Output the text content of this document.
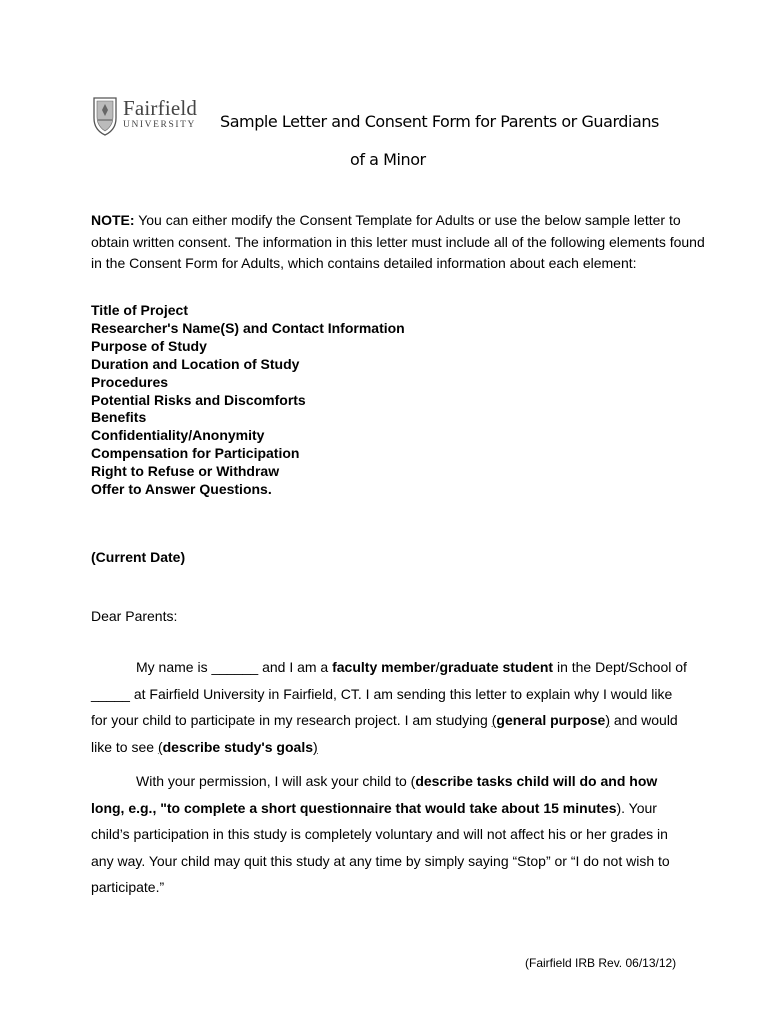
Fairfield
UNIVERSITY Sample Letter and Consent Form for Parents or Guardians
of a Minor
NOTE: You can either modify the Consent Template for Adults or use the below sample letter to obtain written consent. The information in this letter must include all of the following elements found in the Consent Form for Adults, which contains detailed information about each element:
Title of Project
Researcher's Name(S) and Contact Information
Purpose of Study
Duration and Location of Study
Procedures
Potential Risks and Discomforts
Benefits
Confidentiality/Anonymity
Compensation for Participation
Right to Refuse or Withdraw
Offer to Answer Questions.
(Current Date)
Dear Parents:
My name is ______ and I am a faculty member/graduate student in the Dept/School of _____ at Fairfield University in Fairfield, CT. I am sending this letter to explain why I would like for your child to participate in my research project. I am studying (general purpose) and would like to see (describe study's goals)
With your permission, I will ask your child to (describe tasks child will do and how long, e.g., "to complete a short questionnaire that would take about 15 minutes). Your child’s participation in this study is completely voluntary and will not affect his or her grades in any way. Your child may quit this study at any time by simply saying “Stop” or “I do not wish to participate.”
(Fairfield IRB Rev. 06/13/12)
